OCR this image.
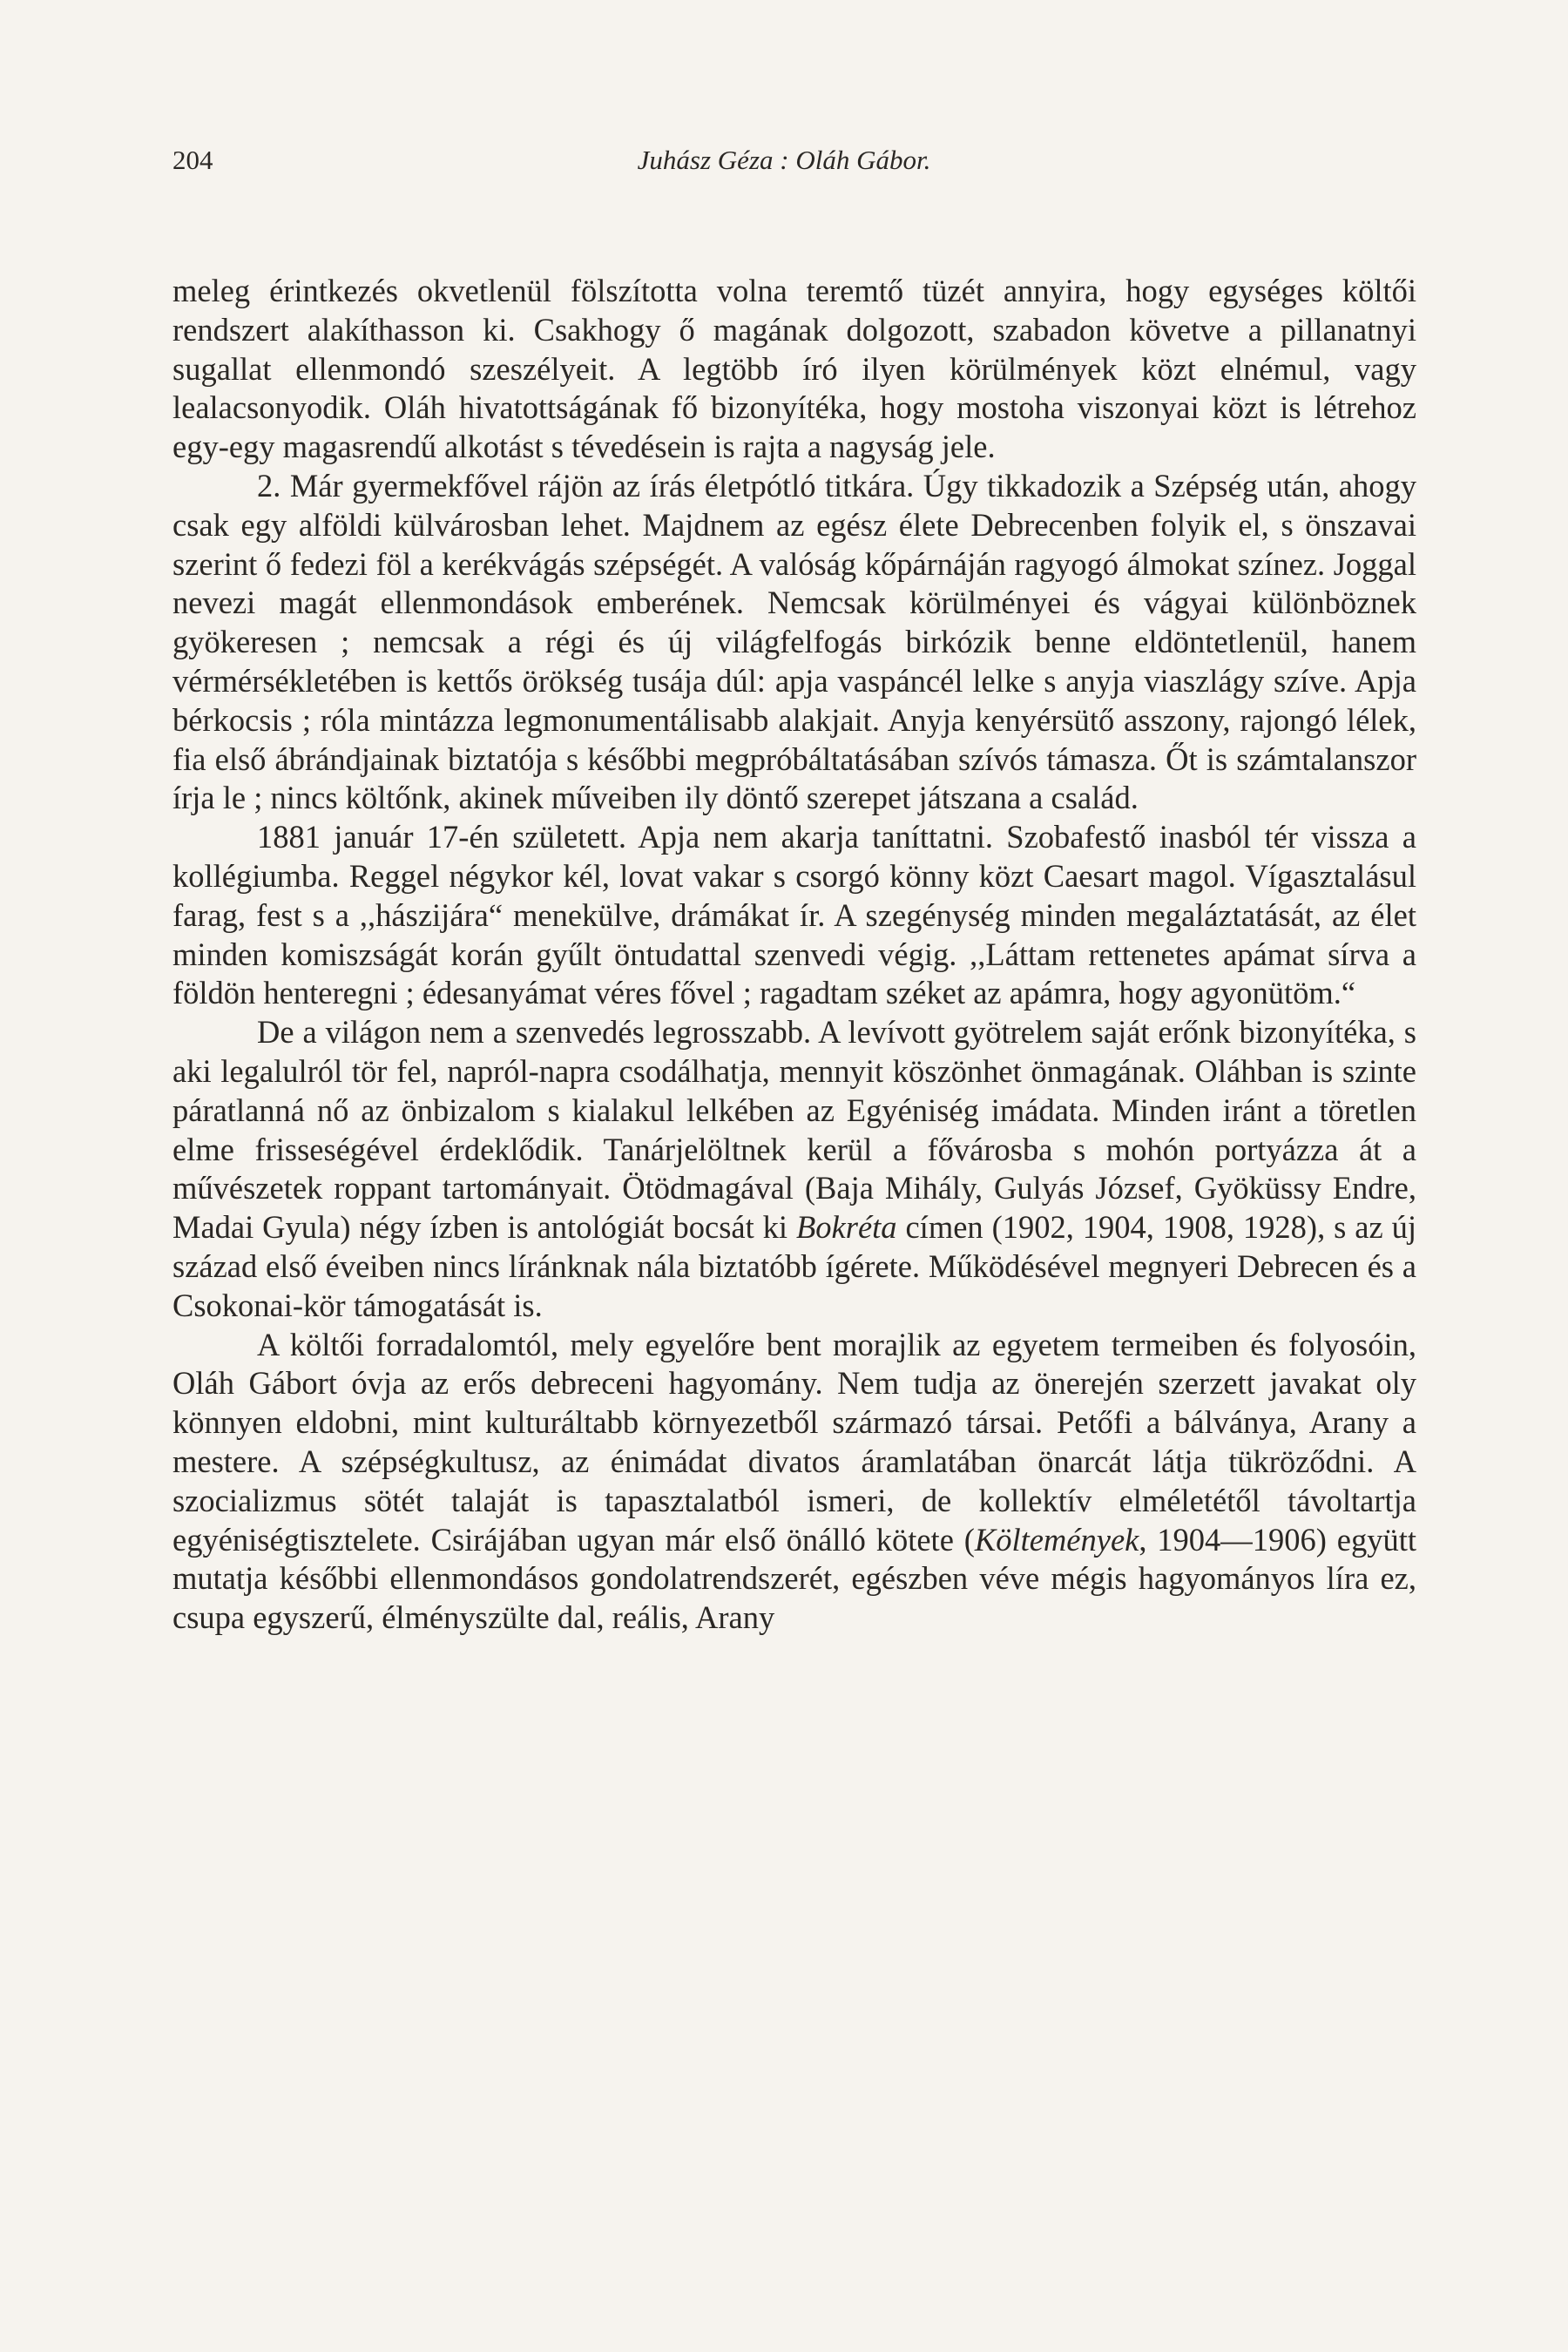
204	Juhász Géza : Oláh Gábor.

meleg érintkezés okvetlenül fölszította volna teremtő tüzét annyira, hogy egységes költői rendszert alakíthasson ki. Csakhogy ő magának dolgozott, szabadon követve a pillanatnyi sugallat ellenmondó szeszélyeit. A legtöbb író ilyen körülmények közt elnémul, vagy lealacsonyodik. Oláh hivatottságának fő bizonyítéka, hogy mostoha viszonyai közt is létrehoz egy-egy magasrendű alkotást s tévedésein is rajta a nagyság jele.

2. Már gyermekfővel rájön az írás életpótló titkára. Úgy tikkadozik a Szépség után, ahogy csak egy alföldi külvárosban lehet. Majdnem az egész élete Debrecenben folyik el, s önszavai szerint ő fedezi föl a kerékvágás szépségét. A valóság kőpárnáján ragyogó álmokat színez. Joggal nevezi magát ellenmondások emberének. Nemcsak körülményei és vágyai különböznek gyökeresen ; nemcsak a régi és új világfelfogás birkózik benne eldöntetlenül, hanem vérmérsékletében is kettős örökség tusája dúl: apja vaspáncél lelke s anyja viaszlágy szíve. Apja bérkocsis ; róla mintázza legmonumentálisabb alakjait. Anyja kenyérsütő asszony, rajongó lélek, fia első ábrándjainak biztatója s későbbi megpróbáltatásában szívós támasza. Őt is számtalanszor írja le ; nincs költőnk, akinek műveiben ily döntő szerepet játszana a család.

1881 január 17-én született. Apja nem akarja taníttatni. Szobafestő inasból tér vissza a kollégiumba. Reggel négykor kél, lovat vakar s csorgó könny közt Caesart magol. Vígasztalásul farag, fest s a ,,hászijára“ menekülve, drámákat ír. A szegénység minden megaláztatását, az élet minden komiszságát korán gyűlt öntudattal szenvedi végig. ,,Láttam rettenetes apámat sírva a földön henteregni ; édesanyámat véres fővel ; ragadtam széket az apámra, hogy agyonütöm.“

De a világon nem a szenvedés legrosszabb. A levívott gyötrelem saját erőnk bizonyítéka, s aki legalulról tör fel, napról-napra csodálhatja, mennyit köszönhet önmagának. Oláhban is szinte páratlanná nő az önbizalom s kialakul lelkében az Egyéniség imádata. Minden iránt a töretlen elme frisseségével érdeklődik. Tanárjelöltnek kerül a fővárosba s mohón portyázza át a művészetek roppant tartományait. Ötödmagával (Baja Mihály, Gulyás József, Gyöküssy Endre, Madai Gyula) négy ízben is antológiát bocsát ki Bokréta címen (1902, 1904, 1908, 1928), s az új század első éveiben nincs líránknak nála biztatóbb ígérete. Működésével megnyeri Debrecen és a Csokonai-kör támogatását is.

A költői forradalomtól, mely egyelőre bent morajlik az egyetem termeiben és folyosóin, Oláh Gábort óvja az erős debreceni hagyomány. Nem tudja az önerején szerzett javakat oly könnyen eldobni, mint kulturáltabb környezetből származó társai. Petőfi a bálványa, Arany a mestere. A szépségkultusz, az énimádat divatos áramlatában önarcát látja tükröződni. A szocializmus sötét talaját is tapasztalatból ismeri, de kollektív elméletétől távoltartja egyéniségtisztelete. Csirájában ugyan már első önálló kötete (Költemények, 1904—1906) együtt mutatja későbbi ellenmondásos gondolatrendszerét, egészben véve mégis hagyományos líra ez, csupa egyszerű, élményszülte dal, reális, Arany
